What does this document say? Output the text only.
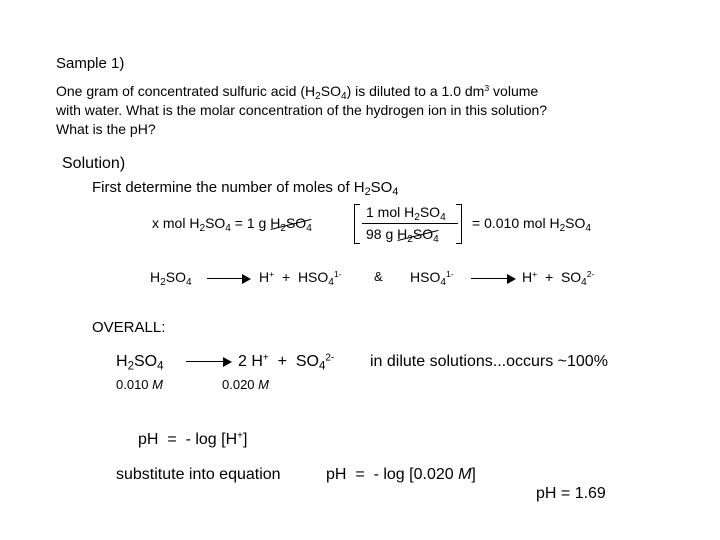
Sample 1)
One gram of concentrated sulfuric acid $(H_2SO_4)$ is diluted to a 1.0 $dm^3$ volume
with water. What is the molar concentration of the hydrogen ion in this solution?
What is the pH?
Solution)
First determine the number of moles of $H_2SO_4$
x mol $H_2SO_4 = 1$ g $H_2SO_4$
1 mol $H_2SO_4$
98 g $H_2SO_4$
= 0.010 mol $H_2SO_4$
$H_2SO_4 \to H^+ + HSO_4^{1-}$ & $HSO_4^{1-} \to H^+ + SO_4^{2-}$
OVERALL:
$H_2SO_4$	2 $H^+ + SO_4^{2-}$ in dilute solutions...occurs ~100%
0.010 M	0.020 M
pH  =  - log [H+]
substitute into equation	pH  =  - log [0.020 M]
pH = 1.69
